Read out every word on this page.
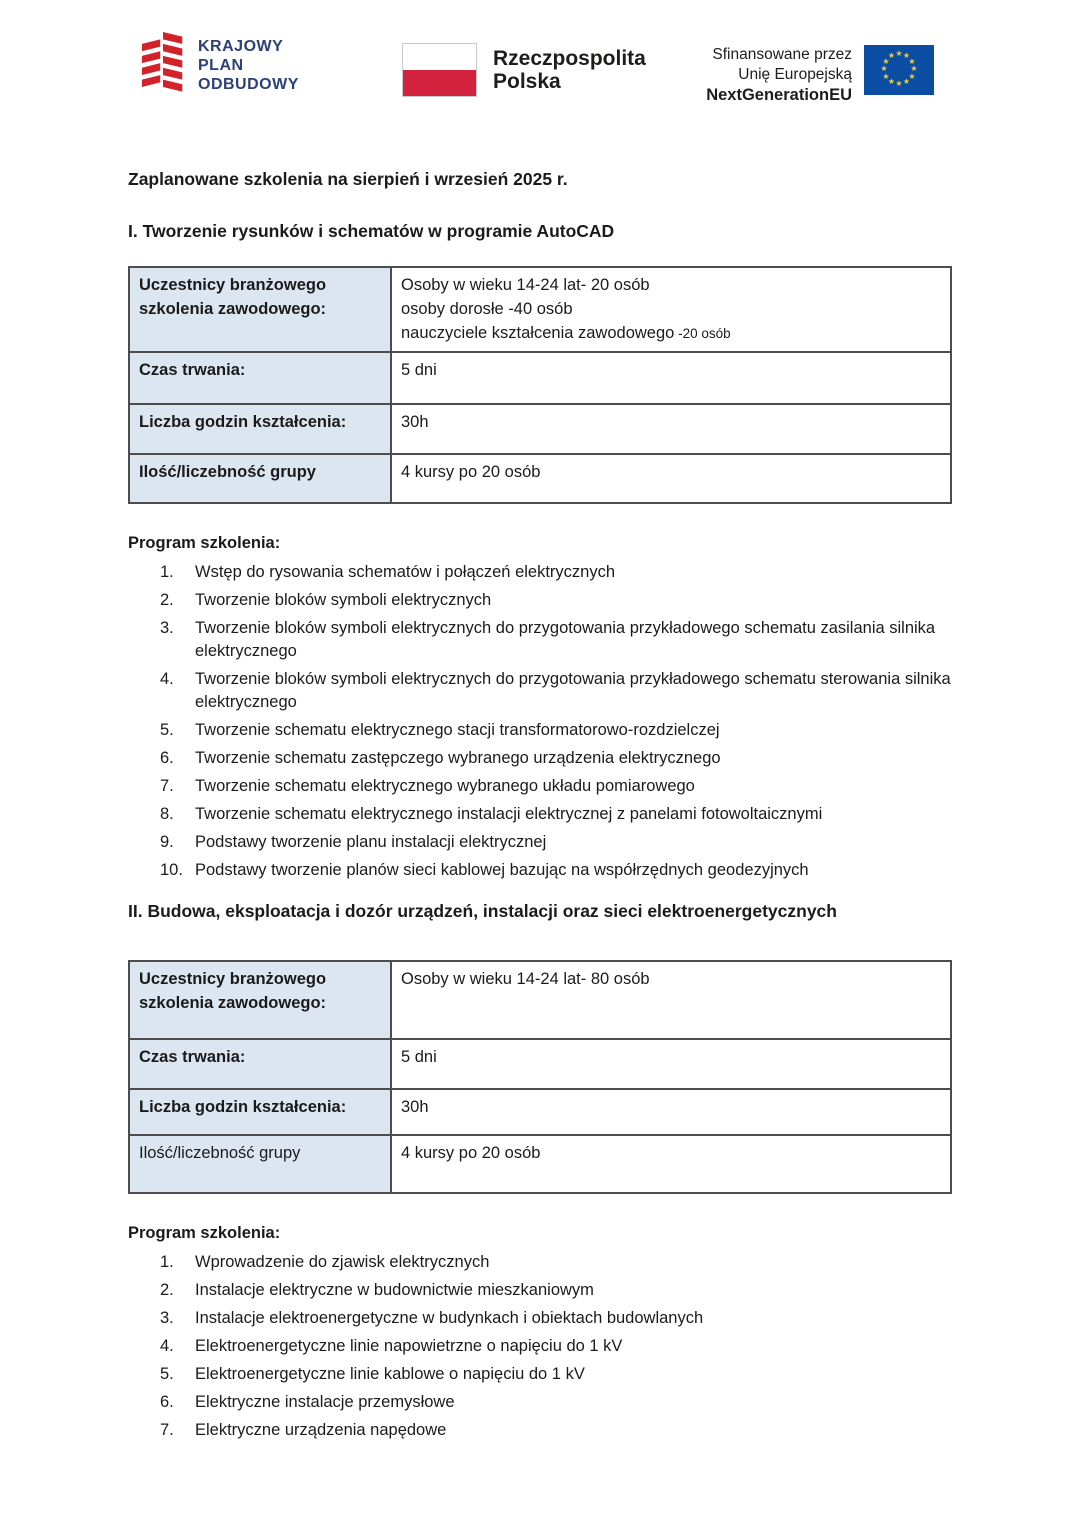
KRAJOWY
PLAN
ODBUDOWY
Rzeczpospolita
Polska
Sfinansowane przez
Unię Europejską
NextGenerationEU
★ ★
★
★
★
★
★
★
★
★
★
★
Zaplanowane szkolenia na sierpień i wrzesień 2025 r.
I. Tworzenie rysunków i schematów w programie AutoCAD
Uczestnicy branżowego szkolenia zawodowego:	Osoby w wieku 14-24 lat- 20 osób
osoby dorosłe -40 osób
nauczyciele kształcenia zawodowego -20 osób

Czas trwania:	5 dni

Liczba godzin kształcenia:	30h

Ilość/liczebność grupy	4 kursy po 20 osób
Program szkolenia:
1.	Wstęp do rysowania schematów i połączeń elektrycznych
2.	Tworzenie bloków symboli elektrycznych
3.	Tworzenie bloków symboli elektrycznych do przygotowania przykładowego schematu zasilania silnika elektrycznego
4.	Tworzenie bloków symboli elektrycznych do przygotowania przykładowego schematu sterowania silnika elektrycznego
5.	Tworzenie schematu elektrycznego stacji transformatorowo-rozdzielczej
6.	Tworzenie schematu zastępczego wybranego urządzenia elektrycznego
7.	Tworzenie schematu elektrycznego wybranego układu pomiarowego
8.	Tworzenie schematu elektrycznego instalacji elektrycznej z panelami fotowoltaicznymi
9.	Podstawy tworzenie planu instalacji elektrycznej
10. Podstawy tworzenie planów sieci kablowej bazując na współrzędnych geodezyjnych
II. Budowa, eksploatacja i dozór urządzeń, instalacji oraz sieci elektroenergetycznych
Uczestnicy branżowego szkolenia zawodowego:	Osoby w wieku 14-24 lat- 80 osób

Czas trwania:	5 dni

Liczba godzin kształcenia:	30h

Ilość/liczebność grupy	4 kursy po 20 osób
Program szkolenia:
1.	Wprowadzenie do zjawisk elektrycznych
2.	Instalacje elektryczne w budownictwie mieszkaniowym
3.	Instalacje elektroenergetyczne w budynkach i obiektach budowlanych
4.	Elektroenergetyczne linie napowietrzne o napięciu do 1 kV
5.	Elektroenergetyczne linie kablowe o napięciu do 1 kV
6.	Elektryczne instalacje przemysłowe
7.	Elektryczne urządzenia napędowe
